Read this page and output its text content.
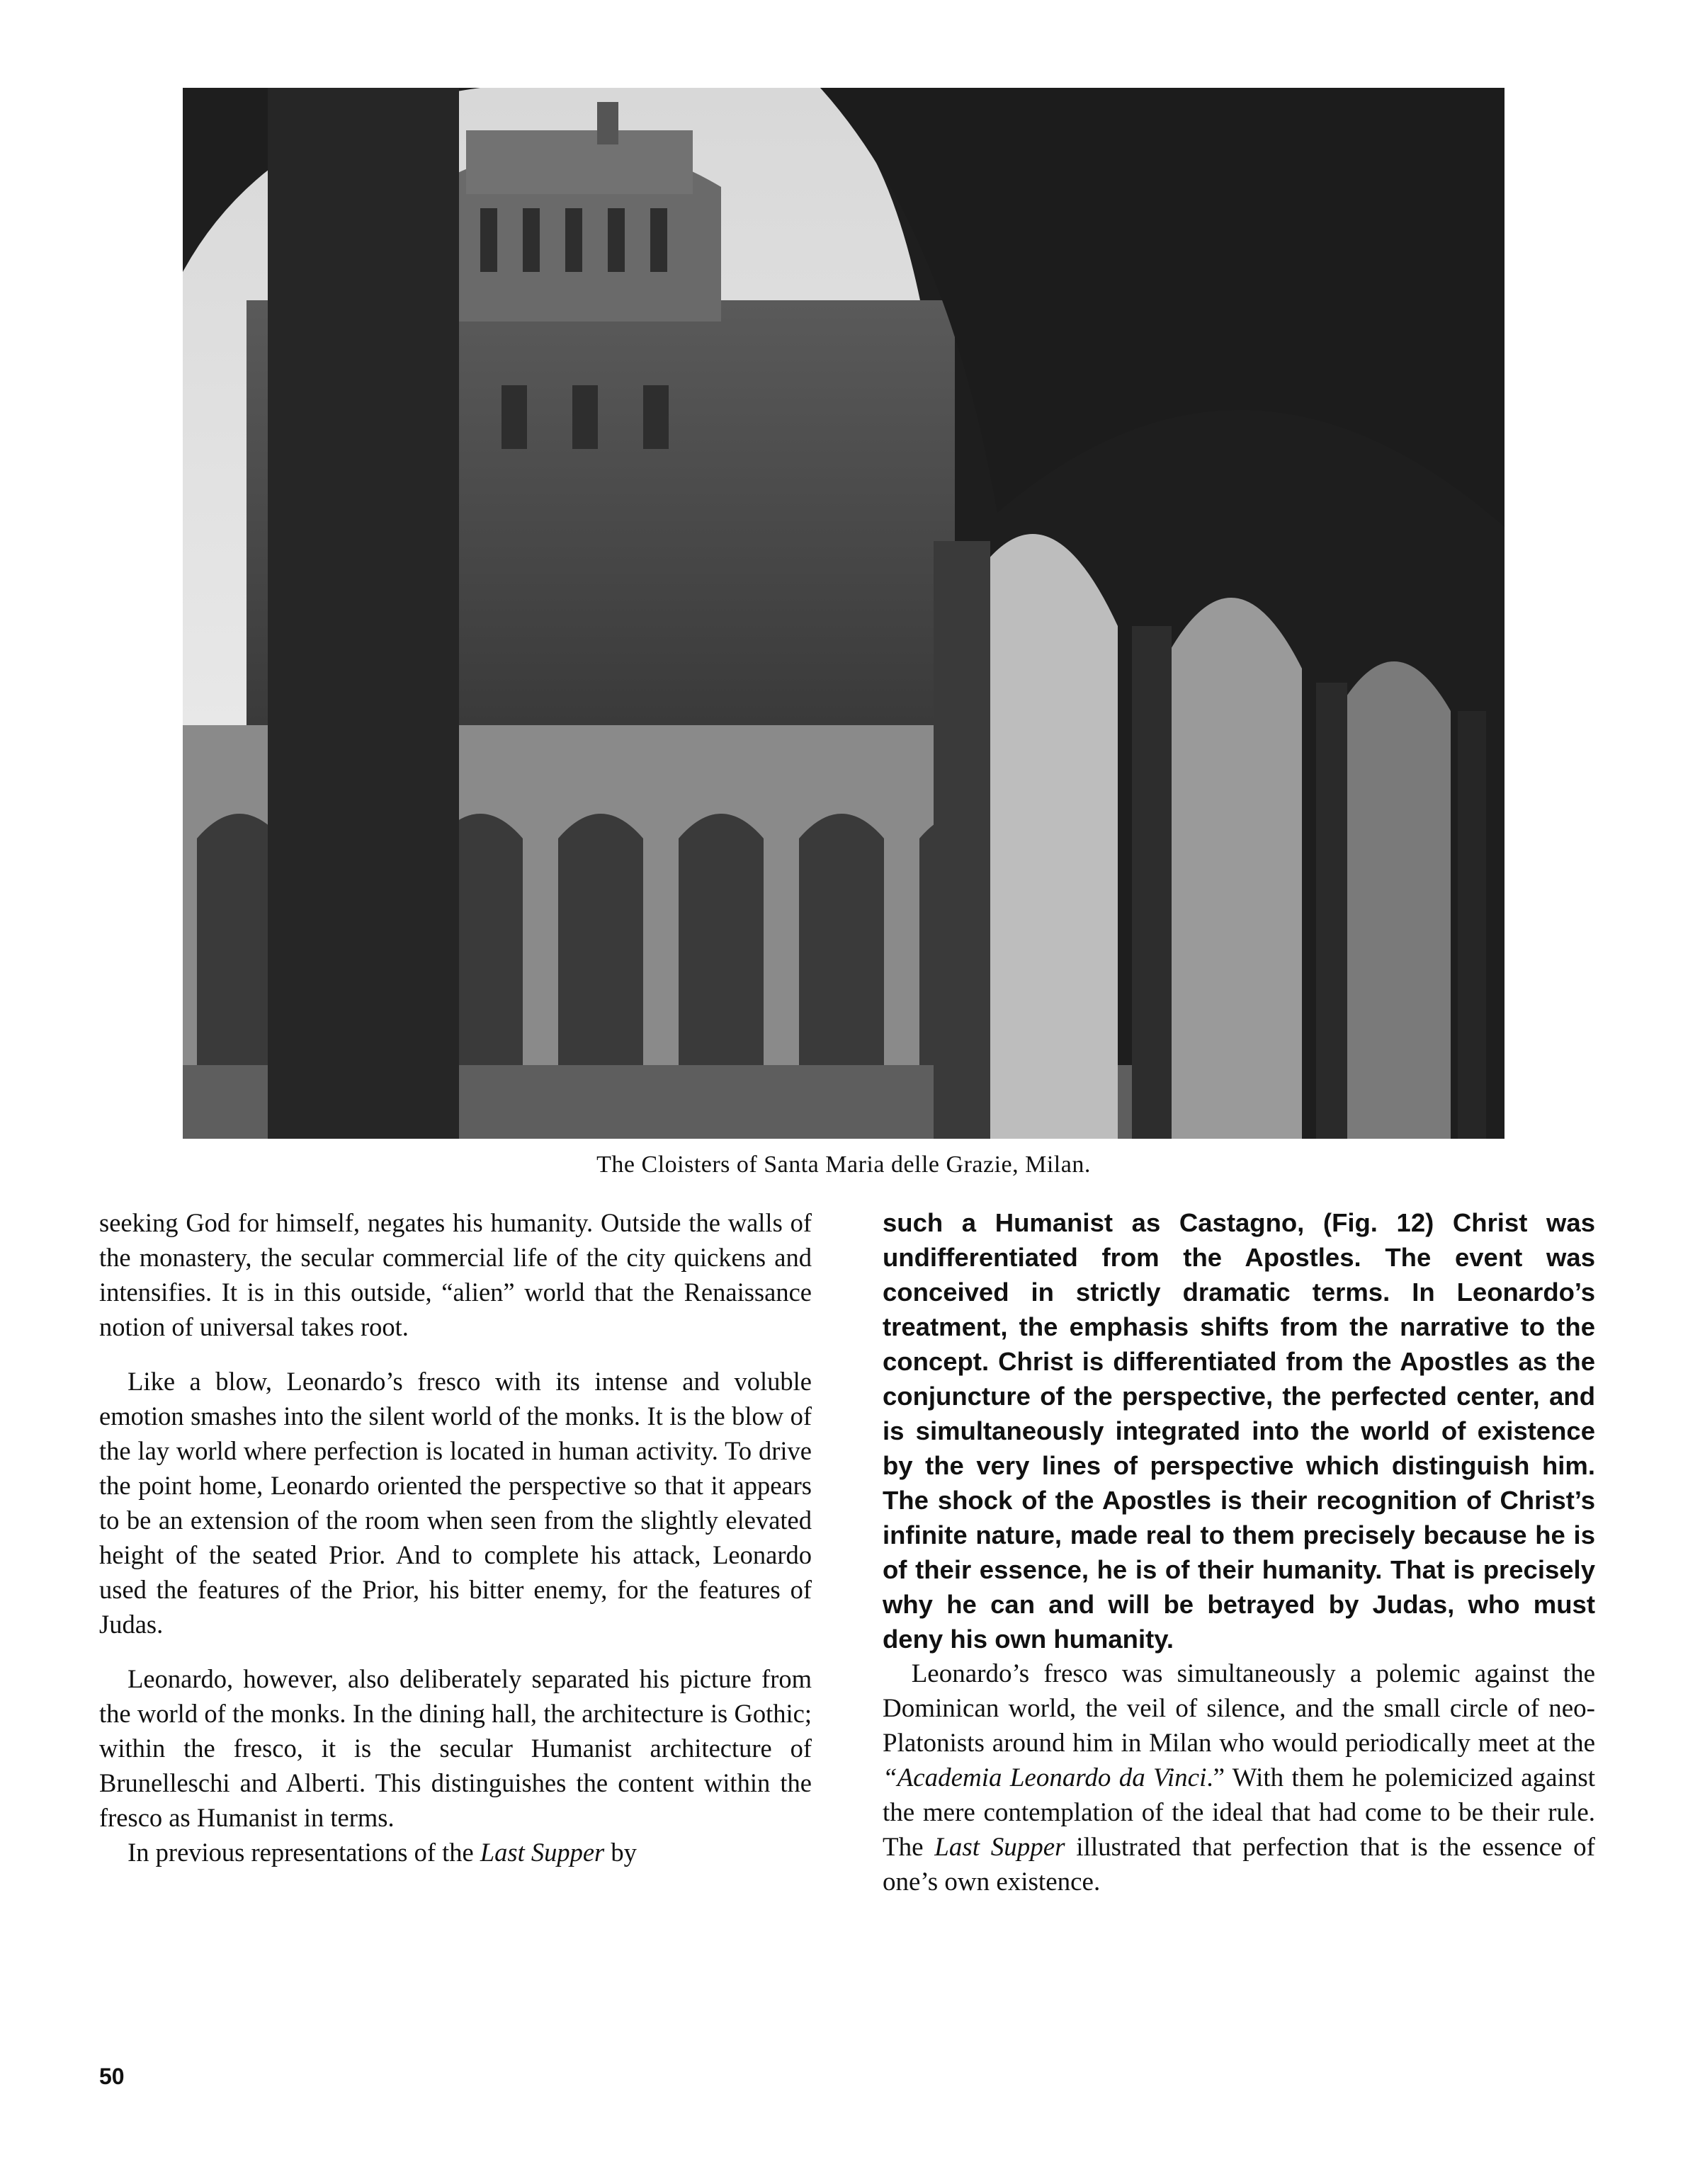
The Cloisters of Santa Maria delle Grazie, Milan.

seeking God for himself, negates his humanity. Outside the walls of the monastery, the secular commercial life of the city quickens and intensifies. It is in this outside, “alien” world that the Renaissance notion of universal takes root.

Like a blow, Leonardo’s fresco with its intense and voluble emotion smashes into the silent world of the monks. It is the blow of the lay world where perfection is located in human activity. To drive the point home, Leonardo oriented the perspective so that it appears to be an extension of the room when seen from the slightly elevated height of the seated Prior. And to complete his attack, Leonardo used the features of the Prior, his bitter enemy, for the features of Judas.

Leonardo, however, also deliberately separated his picture from the world of the monks. In the dining hall, the architecture is Gothic; within the fresco, it is the secular Humanist architecture of Brunelleschi and Alberti. This distinguishes the content within the fresco as Humanist in terms.

In previous representations of the Last Supper by

such a Humanist as Castagno, (Fig. 12) Christ was undifferentiated from the Apostles. The event was conceived in strictly dramatic terms. In Leonardo’s treatment, the emphasis shifts from the narrative to the concept. Christ is differentiated from the Apostles as the conjuncture of the perspective, the perfected center, and is simultaneously integrated into the world of existence by the very lines of perspective which distinguish him. The shock of the Apostles is their recognition of Christ’s infinite nature, made real to them precisely because he is of their essence, he is of their humanity. That is precisely why he can and will be betrayed by Judas, who must deny his own humanity.

Leonardo’s fresco was simultaneously a polemic against the Dominican world, the veil of silence, and the small circle of neo-Platonists around him in Milan who would periodically meet at the “Academia Leonardo da Vinci.” With them he polemicized against the mere contemplation of the ideal that had come to be their rule. The Last Supper illustrated that perfection that is the essence of one’s own existence.

50
